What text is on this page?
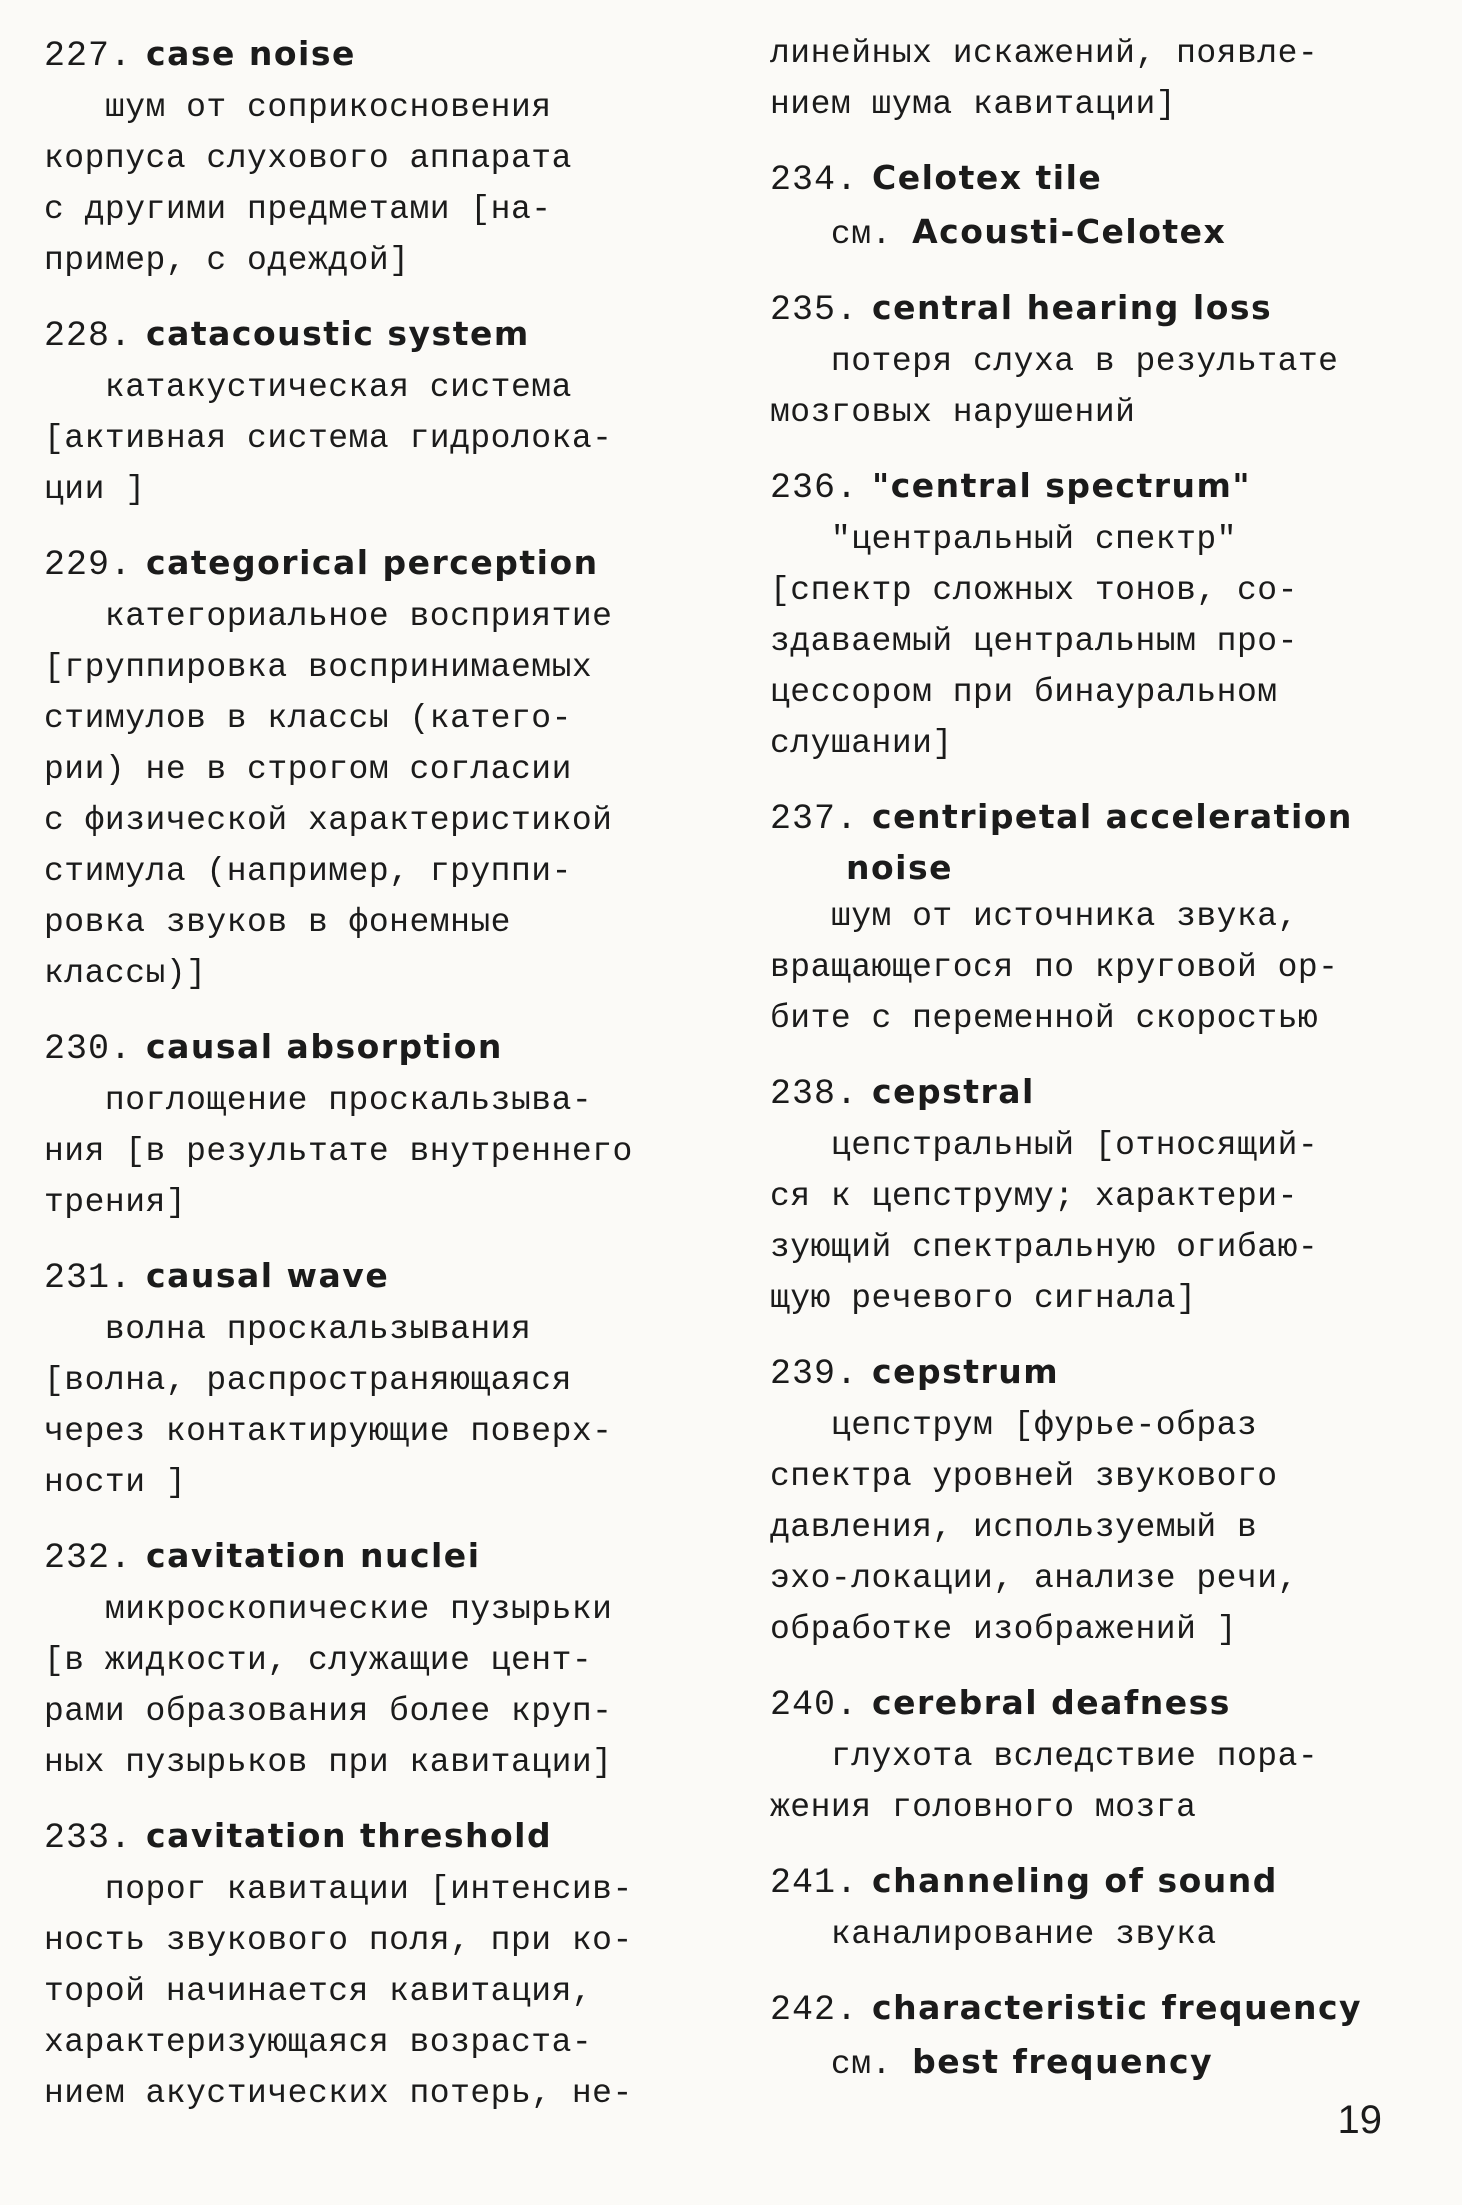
227. case noise
шум от соприкосновения
корпуса слухового аппарата
с другими предметами [на-
пример, с одеждой]
228. catacoustic system
катакустическая система
[активная система гидролока-
ции ]
229. categorical perception
категориальное восприятие
[группировка воспринимаемых
стимулов в классы (катего-
рии) не в строгом согласии
с физической характеристикой
стимула (например, группи-
ровка звуков в фонемные
классы)]
230. causal absorption
поглощение проскальзыва-
ния [в результате внутреннего
трения]
231. causal wave
волна проскальзывания
[волна, распространяющаяся
через контактирующие поверх-
ности ]
232. cavitation nuclei
микроскопические пузырьки
[в жидкости, служащие цент-
рами образования более круп-
ных пузырьков при кавитации]
233. cavitation threshold
порог кавитации [интенсив-
ность звукового поля, при ко-
торой начинается кавитация,
характеризующаяся возраста-
нием акустических потерь, не-
линейных искажений, появле-
нием шума кавитации]
234. Celotex tile
см. Acousti-Celotex
235. central hearing loss
потеря слуха в результате
мозговых нарушений
236. "central spectrum"
"центральный спектр"
[спектр сложных тонов, со-
здаваемый центральным про-
цессором при бинауральном
слушании]
237. centripetal acceleration
noise
шум от источника звука,
вращающегося по круговой ор-
бите с переменной скоростью
238. cepstral
цепстральный [относящий-
ся к цепструму; характери-
зующий спектральную огибаю-
щую речевого сигнала]
239. cepstrum
цепструм [фурье-образ
спектра уровней звукового
давления, используемый в
эхо-локации, анализе речи,
обработке изображений ]
240. cerebral deafness
глухота вследствие пора-
жения головного мозга
241. channeling of sound
каналирование звука
242. characteristic frequency
см. best frequency
19
